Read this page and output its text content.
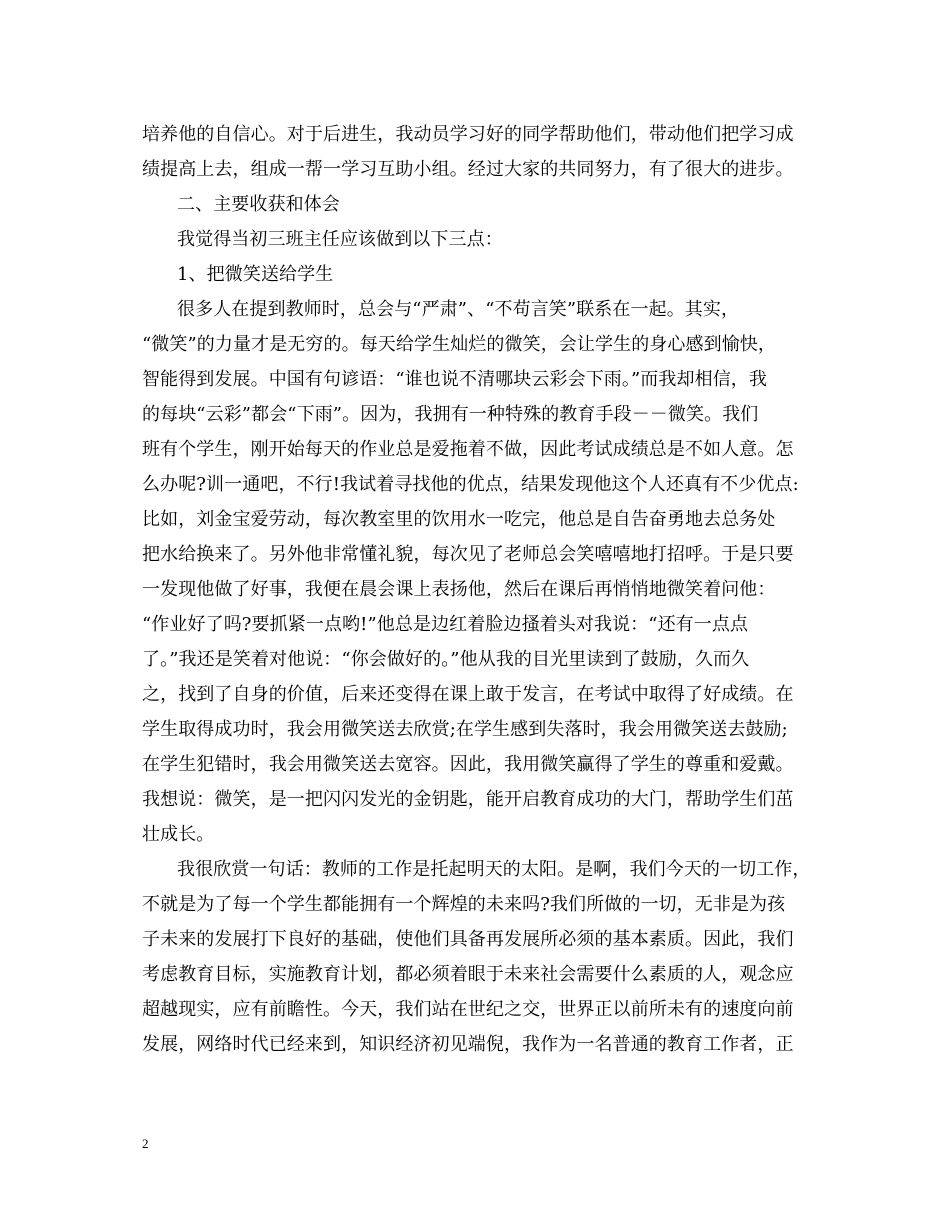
培养他的自信心。对于后进生，我动员学习好的同学帮助他们，带动他们把学习成
绩提高上去，组成一帮一学习互助小组。经过大家的共同努力，有了很大的进步。
二、主要收获和体会
我觉得当初三班主任应该做到以下三点：
1、把微笑送给学生
很多人在提到教师时，总会与“严肃”、“不苟言笑”联系在一起。其实，
“微笑”的力量才是无穷的。每天给学生灿烂的微笑，会让学生的身心感到愉快，
智能得到发展。中国有句谚语：“谁也说不清哪块云彩会下雨。”而我却相信，我
的每块“云彩”都会“下雨”。因为，我拥有一种特殊的教育手段－－微笑。我们
班有个学生，刚开始每天的作业总是爱拖着不做，因此考试成绩总是不如人意。怎
么办呢?训一通吧，不行!我试着寻找他的优点，结果发现他这个人还真有不少优点:
比如，刘金宝爱劳动，每次教室里的饮用水一吃完，他总是自告奋勇地去总务处
把水给换来了。另外他非常懂礼貌，每次见了老师总会笑嘻嘻地打招呼。于是只要
一发现他做了好事，我便在晨会课上表扬他，然后在课后再悄悄地微笑着问他：
“作业好了吗?要抓紧一点哟!”他总是边红着脸边搔着头对我说：“还有一点点
了。”我还是笑着对他说：“你会做好的。”他从我的目光里读到了鼓励，久而久
之，找到了自身的价值，后来还变得在课上敢于发言，在考试中取得了好成绩。在
学生取得成功时，我会用微笑送去欣赏;在学生感到失落时，我会用微笑送去鼓励;
在学生犯错时，我会用微笑送去宽容。因此，我用微笑赢得了学生的尊重和爱戴。
我想说：微笑，是一把闪闪发光的金钥匙，能开启教育成功的大门，帮助学生们茁
壮成长。
我很欣赏一句话：教师的工作是托起明天的太阳。是啊，我们今天的一切工作，
不就是为了每一个学生都能拥有一个辉煌的未来吗?我们所做的一切，无非是为孩
子未来的发展打下良好的基础，使他们具备再发展所必须的基本素质。因此，我们
考虑教育目标，实施教育计划，都必须着眼于未来社会需要什么素质的人，观念应
超越现实，应有前瞻性。今天，我们站在世纪之交，世界正以前所未有的速度向前
发展，网络时代已经来到，知识经济初见端倪，我作为一名普通的教育工作者，正
2
